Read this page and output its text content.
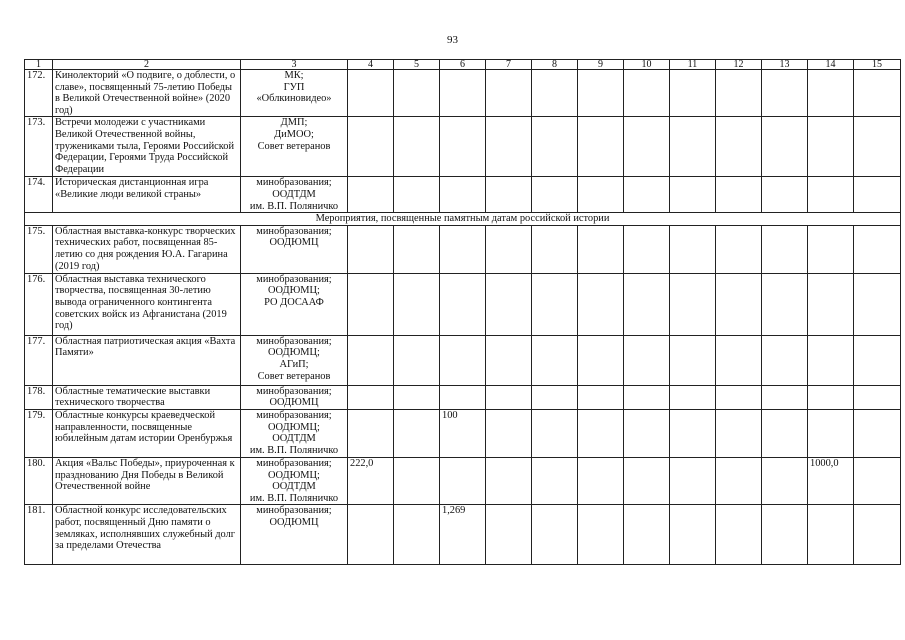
93
1	2	3	4	5	6	7	8	9	10	11	12	13	14	15
172.	Кинолекторий «О подвиге, о доблести, о славе», посвященный 75-летию Победы в Великой Отечественной войне» (2020 год)	МК;
ГУП
«Облкиновидео»												
173.	Встречи молодежи с участниками Великой Отечественной войны, тружениками тыла, Героями Российской Федерации, Героями Труда Российской Федерации	ДМП;
ДиМОО;
Совет ветеранов												
174.	Историческая дистанционная игра «Великие люди великой страны»	минобразования;
ООДТДМ
им. В.П. Поляничко												
Мероприятия, посвященные памятным датам российской истории														
175.	Областная выставка-конкурс творческих технических работ, посвященная 85-летию со дня рождения Ю.А. Гагарина (2019 год)	минобразования;
ООДЮМЦ												
176.	Областная выставка технического творчества, посвященная 30-летию вывода ограниченного контингента советских войск из Афганистана (2019 год)	минобразования;
ООДЮМЦ;
РО ДОСААФ												
177.	Областная патриотическая акция «Вахта Памяти»	минобразования;
ООДЮМЦ;
АГиП;
Совет ветеранов												
178.	Областные тематические выставки технического творчества	минобразования;
ООДЮМЦ												
179.	Областные конкурсы краеведческой направленности, посвященные юбилейным датам истории Оренбуржья	минобразования;
ООДЮМЦ;
ООДТДМ
им. В.П. Поляничко			100									
180.	Акция «Вальс Победы», приуроченная к празднованию Дня Победы в Великой Отечественной войне	минобразования;
ООДЮМЦ;
ООДТДМ
им. В.П. Поляничко	222,0										1000,0	
181.	Областной конкурс исследовательских работ, посвященный Дню памяти о земляках, исполнявших служебный долг за пределами Отечества	минобразования;
ООДЮМЦ			1,269									
